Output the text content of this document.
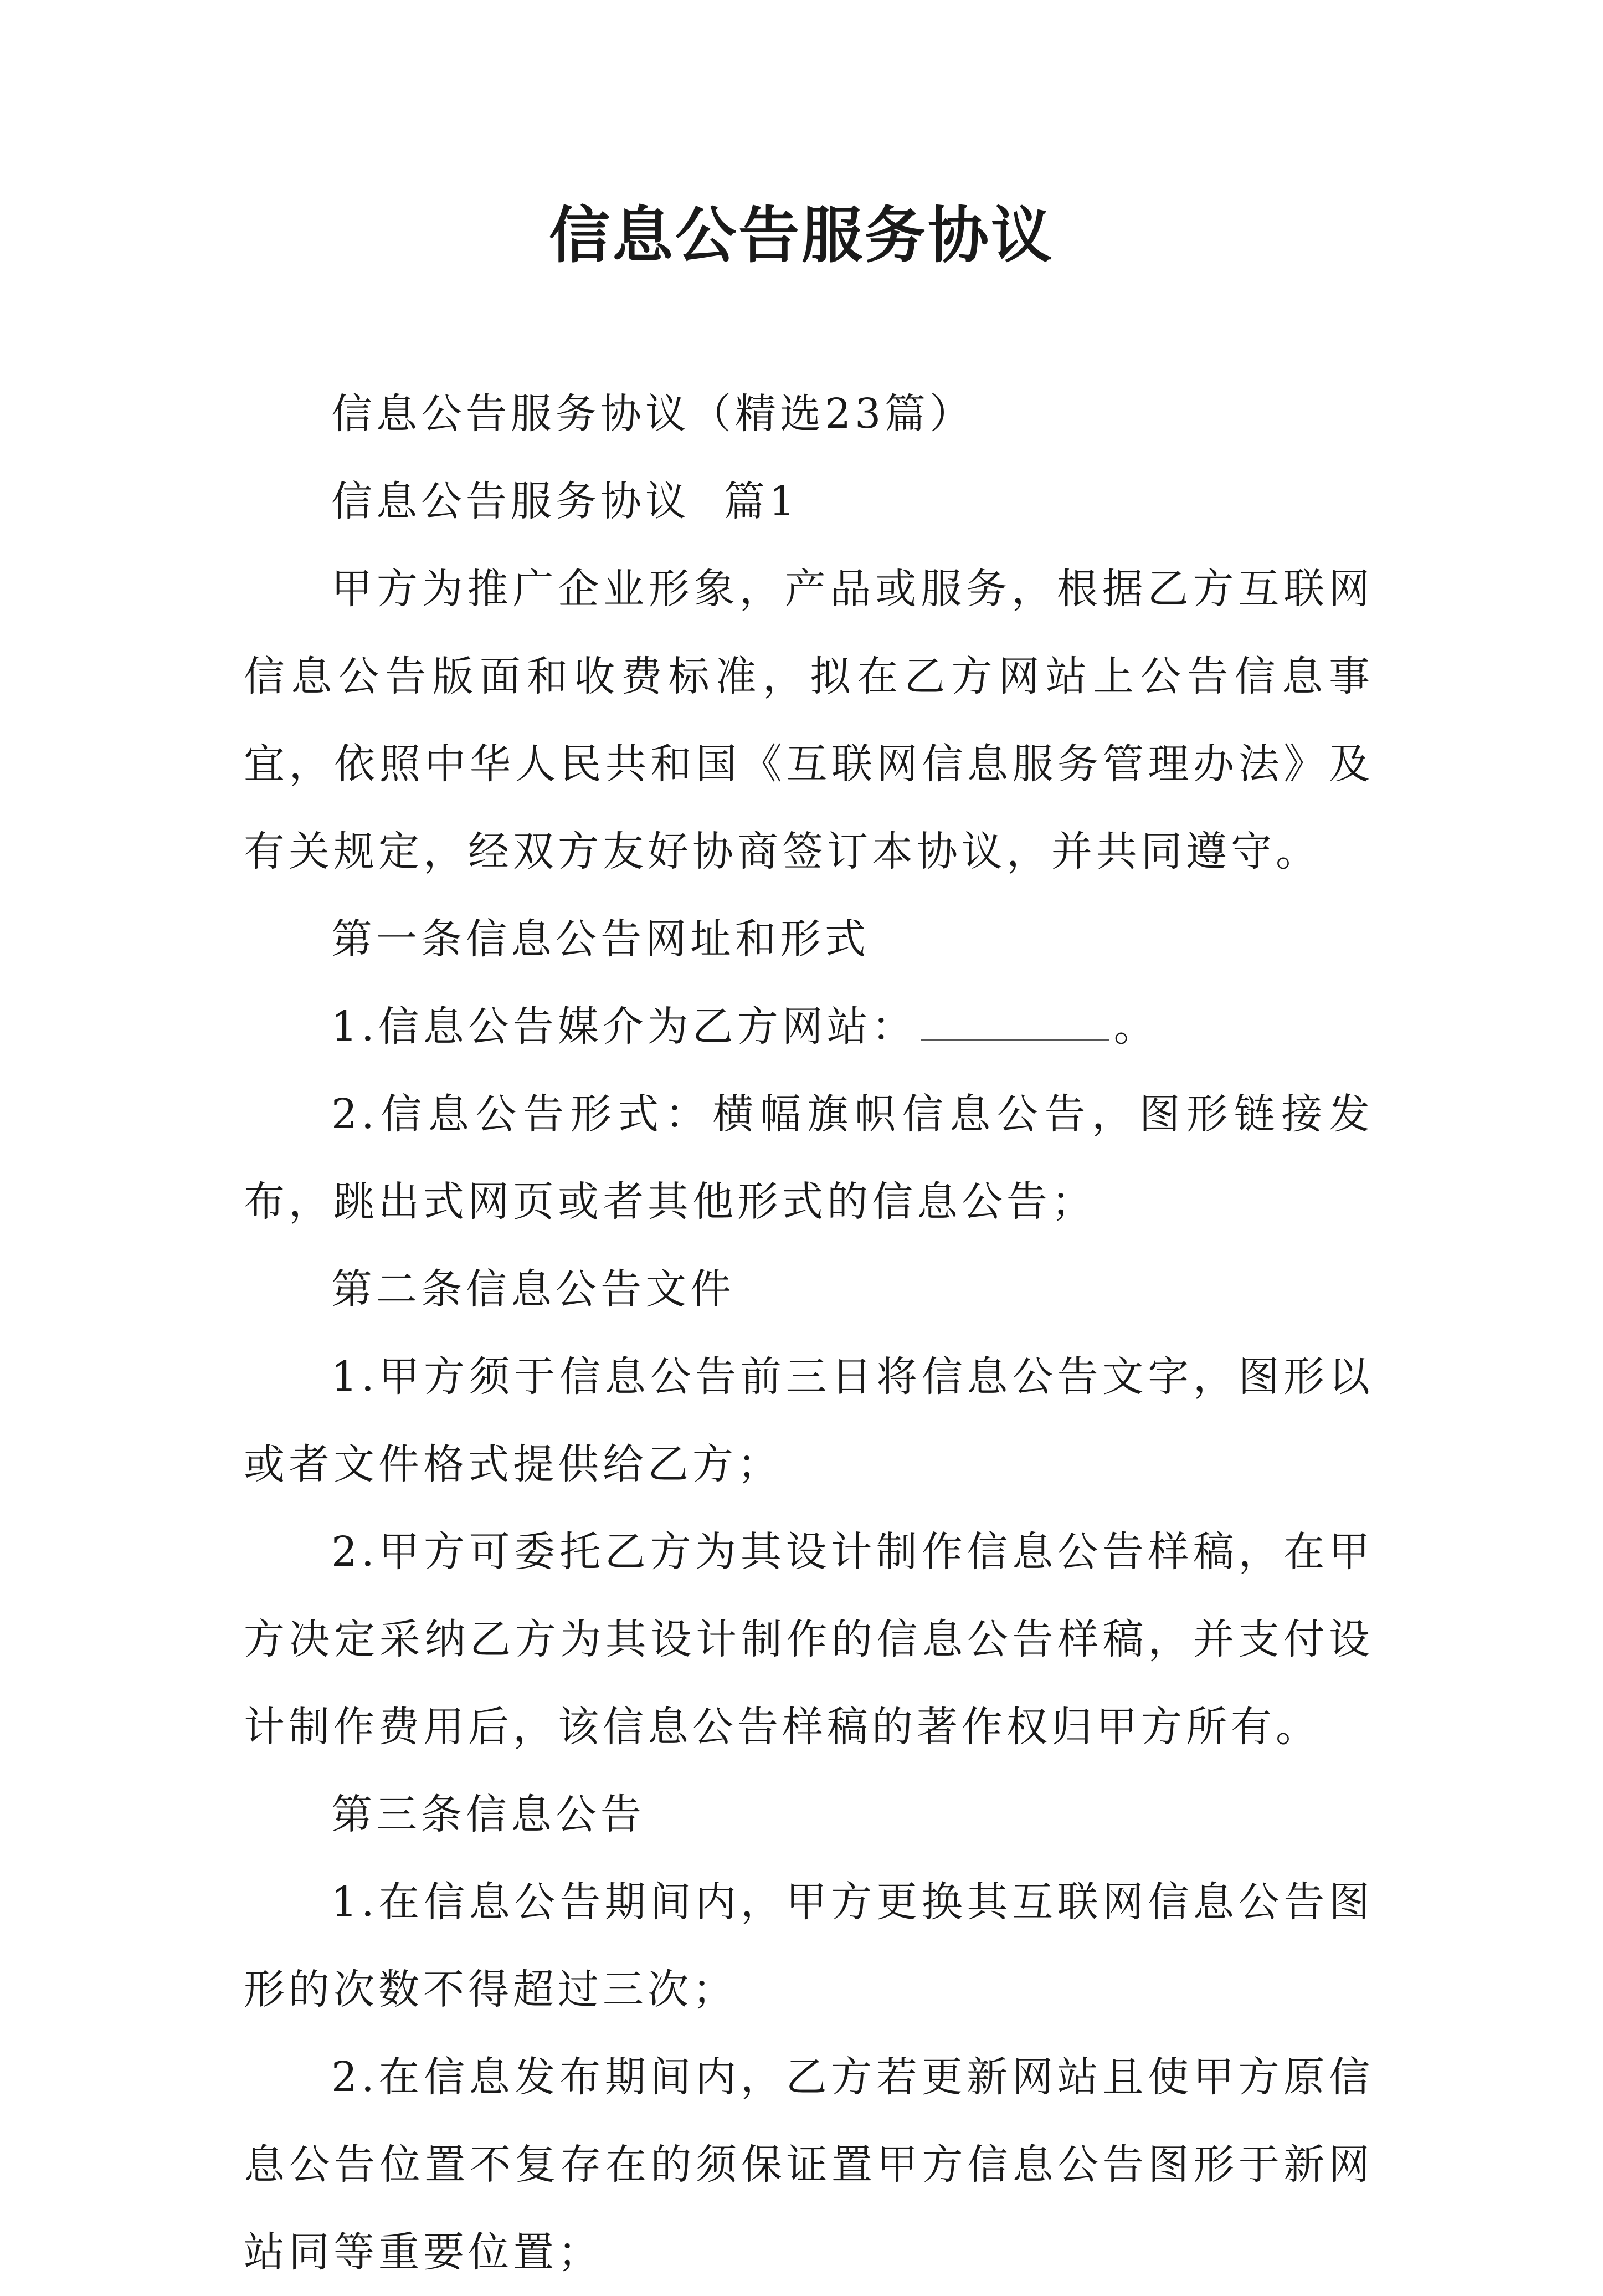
信息公告服务协议

信息公告服务协议（精选23篇）

信息公告服务协议  篇1

甲方为推广企业形象，产品或服务，根据乙方互联网信息公告版面和收费标准，拟在乙方网站上公告信息事宜，依照中华人民共和国《互联网信息服务管理办法》及有关规定，经双方友好协商签订本协议，并共同遵守。

第一条信息公告网址和形式

1.信息公告媒介为乙方网站：	。

2.信息公告形式：横幅旗帜信息公告，图形链接发布，跳出式网页或者其他形式的信息公告；

第二条信息公告文件

1.甲方须于信息公告前三日将信息公告文字，图形以或者文件格式提供给乙方；

2.甲方可委托乙方为其设计制作信息公告样稿，在甲方决定采纳乙方为其设计制作的信息公告样稿，并支付设计制作费用后，该信息公告样稿的著作权归甲方所有。

第三条信息公告

1.在信息公告期间内，甲方更换其互联网信息公告图形的次数不得超过三次；

2.在信息发布期间内，乙方若更新网站且使甲方原信息公告位置不复存在的须保证置甲方信息公告图形于新网站同等重要位置；
